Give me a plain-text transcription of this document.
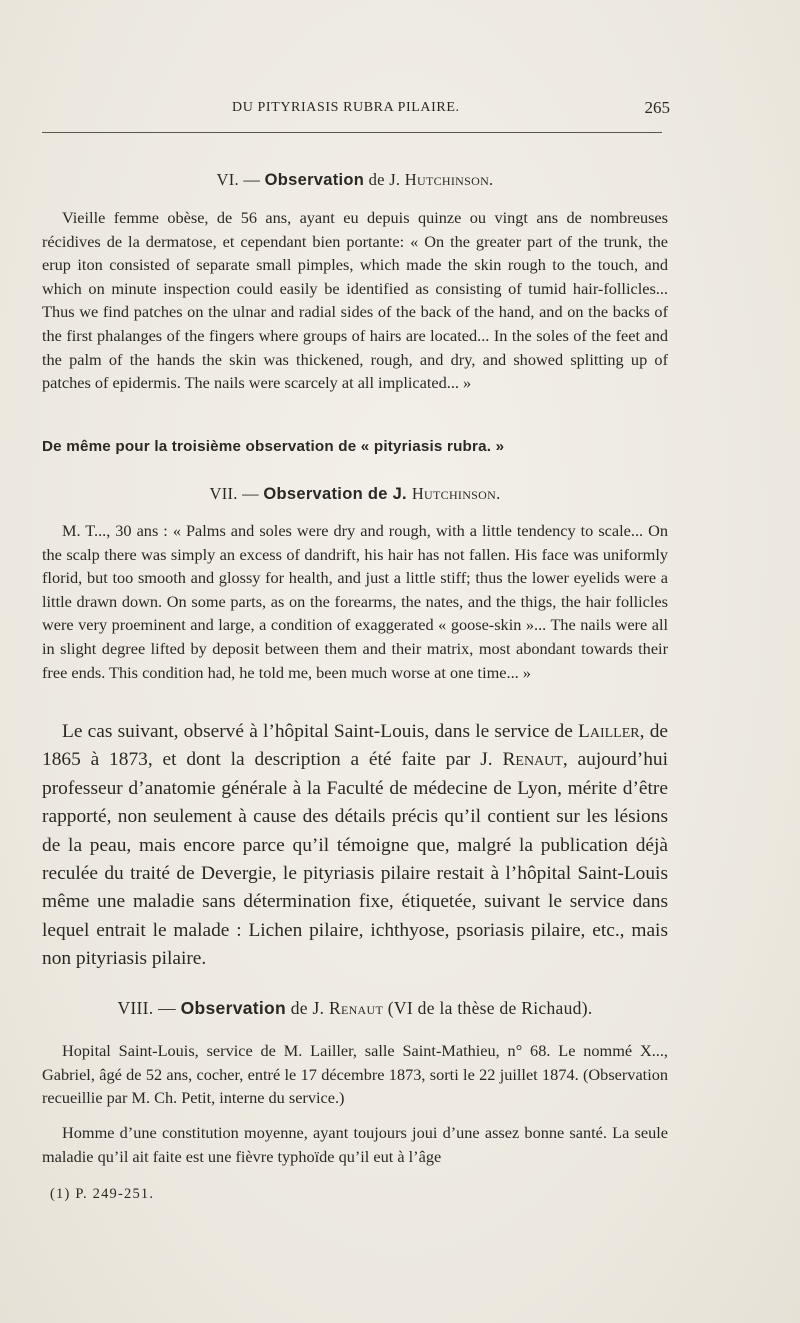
DU PITYRIASIS RUBRA PILAIRE.	265
VI. — Observation de J. Hutchinson.

Vieille femme obèse, de 56 ans, ayant eu depuis quinze ou vingt ans de nombreuses récidives de la dermatose, et cependant bien portante: « On the greater part of the trunk, the erup iton consisted of separate small pimples, which made the skin rough to the touch, and which on minute inspection could easily be identified as consisting of tumid hair-follicles... Thus we find patches on the ulnar and radial sides of the back of the hand, and on the backs of the first phalanges of the fingers where groups of hairs are located... In the soles of the feet and the palm of the hands the skin was thickened, rough, and dry, and showed splitting up of patches of epidermis. The nails were scarcely at all implicated... »

De même pour la troisième observation de « pityriasis rubra. »
VII. — Observation de J. Hutchinson.

M. T..., 30 ans : « Palms and soles were dry and rough, with a little tendency to scale... On the scalp there was simply an excess of dandrift, his hair has not fallen. His face was uniformly florid, but too smooth and glossy for health, and just a little stiff; thus the lower eyelids were a little drawn down. On some parts, as on the forearms, the nates, and the thigs, the hair follicles were very proeminent and large, a condition of exaggerated « goose-skin »... The nails were all in slight degree lifted by deposit between them and their matrix, most abondant towards their free ends. This condition had, he told me, been much worse at one time... »

Le cas suivant, observé à l’hôpital Saint-Louis, dans le service de Lailler, de 1865 à 1873, et dont la description a été faite par J. Renaut, aujourd’hui professeur d’anatomie générale à la Faculté de médecine de Lyon, mérite d’être rapporté, non seulement à cause des détails précis qu’il contient sur les lésions de la peau, mais encore parce qu’il témoigne que, malgré la publication déjà reculée du traité de Devergie, le pityriasis pilaire restait à l’hôpital Saint-Louis même une maladie sans détermination fixe, étiquetée, suivant le service dans lequel entrait le malade : Lichen pilaire, ichthyose, psoriasis pilaire, etc., mais non pityriasis pilaire.

VIII. — Observation de J. Renaut (VI de la thèse de Richaud).

Hopital Saint-Louis, service de M. Lailler, salle Saint-Mathieu, n° 68. Le nommé X..., Gabriel, âgé de 52 ans, cocher, entré le 17 décembre 1873, sorti le 22 juillet 1874. (Observation recueillie par M. Ch. Petit, interne du service.)

Homme d’une constitution moyenne, ayant toujours joui d’une assez bonne santé. La seule maladie qu’il ait faite est une fièvre typhoïde qu’il eut à l’âge

(1) P. 249-251.
